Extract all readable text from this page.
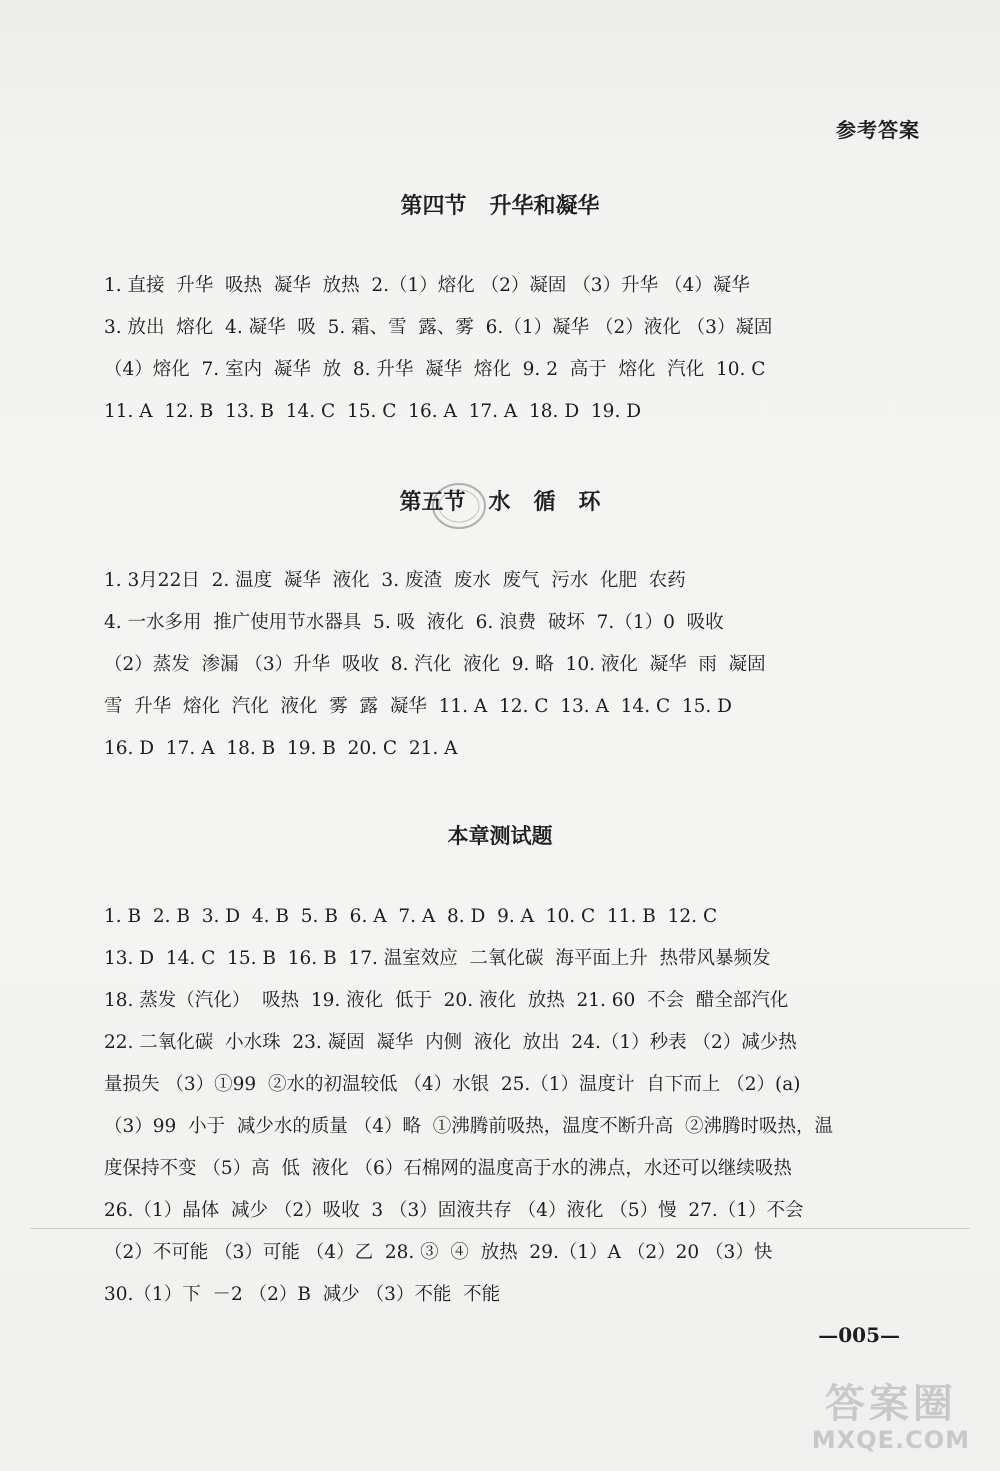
参考答案
第四节   升华和凝华
1. 直接  升华  吸热  凝华  放热  2.（1）熔化 （2）凝固 （3）升华 （4）凝华
3. 放出  熔化  4. 凝华  吸  5. 霜、雪  露、雾  6.（1）凝华 （2）液化 （3）凝固
（4）熔化  7. 室内  凝华  放  8. 升华  凝华  熔化  9. 2  高于  熔化  汽化  10. C
11. A  12. B  13. B  14. C  15. C  16. A  17. A  18. D  19. D
第五节   水   循   环
1. 3月22日  2. 温度  凝华  液化  3. 废渣  废水  废气  污水  化肥  农药
4. 一水多用  推广使用节水器具  5. 吸  液化  6. 浪费  破坏  7.（1）0  吸收
（2）蒸发  渗漏 （3）升华  吸收  8. 汽化  液化  9. 略  10. 液化  凝华  雨  凝固
雪  升华  熔化  汽化  液化  雾  露  凝华  11. A  12. C  13. A  14. C  15. D
16. D  17. A  18. B  19. B  20. C  21. A
本章测试题
1. B  2. B  3. D  4. B  5. B  6. A  7. A  8. D  9. A  10. C  11. B  12. C
13. D  14. C  15. B  16. B  17. 温室效应  二氧化碳  海平面上升  热带风暴频发
18. 蒸发（汽化）  吸热  19. 液化  低于  20. 液化  放热  21. 60  不会  醋全部汽化
22. 二氧化碳  小水珠  23. 凝固  凝华  内侧  液化  放出  24.（1）秒表 （2）减少热
量损失 （3）①99  ②水的初温较低 （4）水银  25.（1）温度计  自下而上 （2）(a)
（3）99  小于  减少水的质量 （4）略  ①沸腾前吸热，温度不断升高  ②沸腾时吸热，温
度保持不变 （5）高  低  液化 （6）石棉网的温度高于水的沸点，水还可以继续吸热
26.（1）晶体  减少 （2）吸收  3 （3）固液共存 （4）液化 （5）慢  27.（1）不会
（2）不可能 （3）可能 （4）乙  28. ③  ④  放热  29.（1）A （2）20 （3）快
30.（1）下  －2 （2）B  减少 （3）不能  不能
—005—
答案圈
MXQE.COM
